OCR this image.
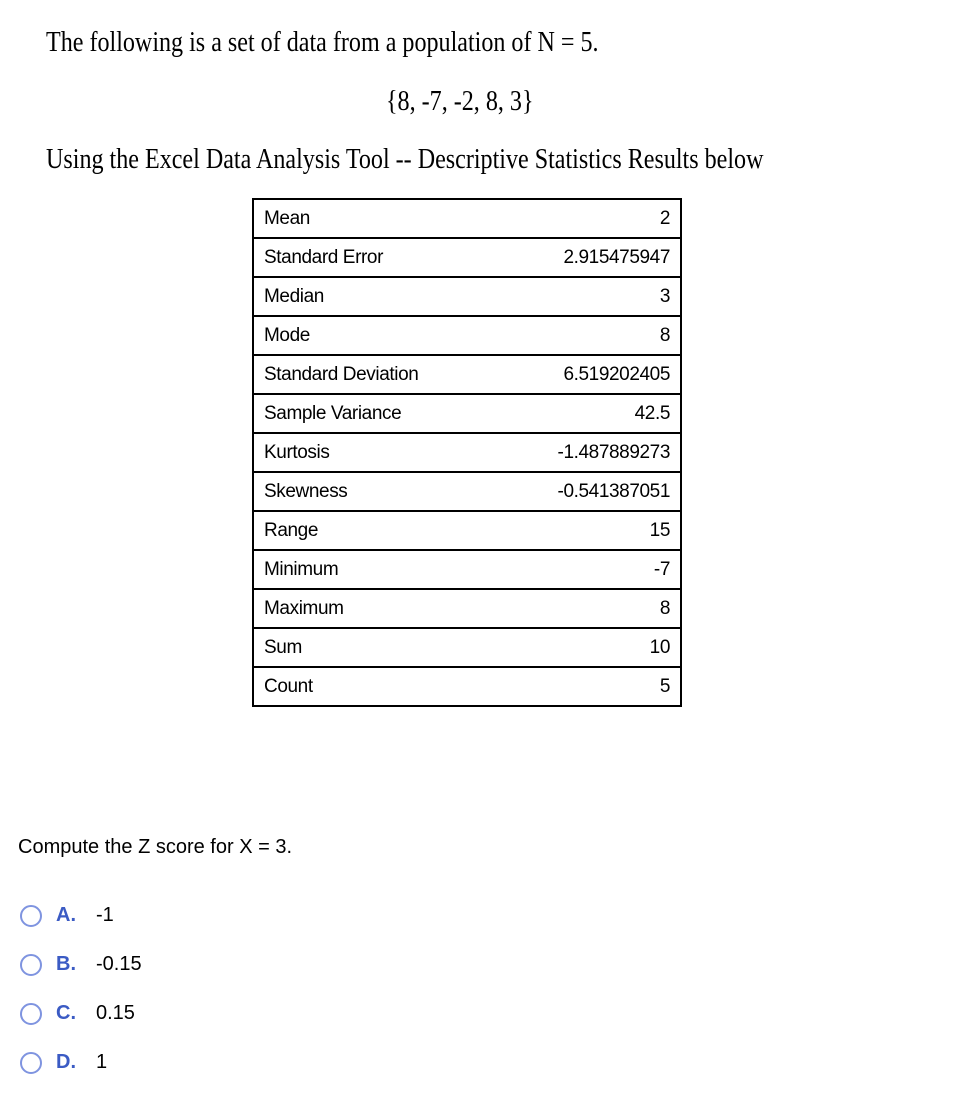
The following is a set of data from a population of N = 5.
{8, -7, -2, 8, 3}
Using the Excel Data Analysis Tool -- Descriptive Statistics Results below
Mean	2
Standard Error	2.915475947
Median	3
Mode	8
Standard Deviation	6.519202405
Sample Variance	42.5
Kurtosis	-1.487889273
Skewness	-0.541387051
Range	15
Minimum	-7
Maximum	8
Sum	10
Count	5
Compute the Z score for X = 3.
A.	-1
B.	-0.15
C.	0.15
D.	1
